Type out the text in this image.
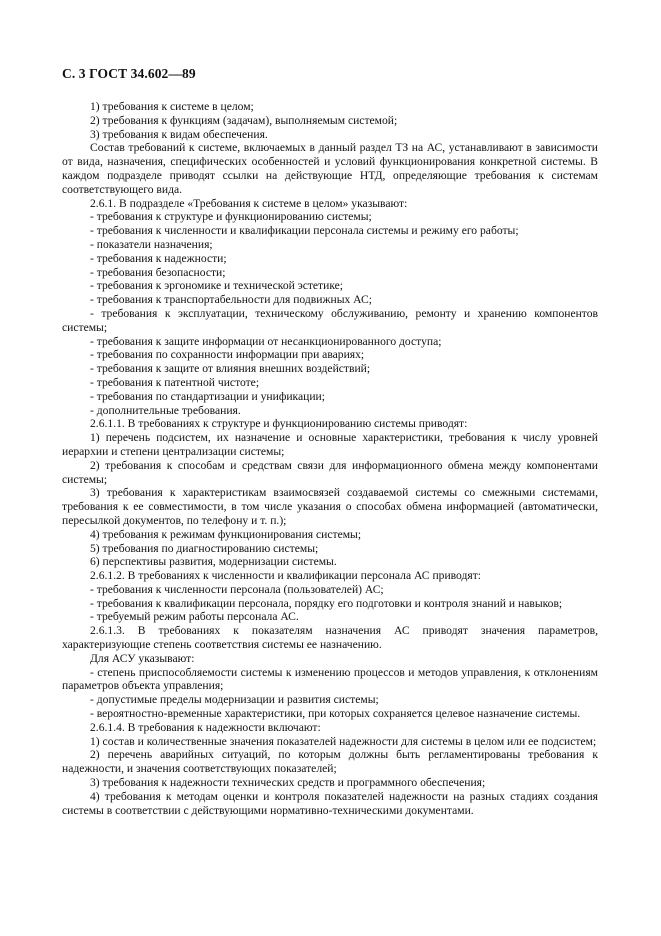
С. 3 ГОСТ 34.602—89

1) требования к системе в целом;

2) требования к функциям (задачам), выполняемым системой;

3) требования к видам обеспечения.

Состав требований к системе, включаемых в данный раздел ТЗ на АС, устанавливают в зависимости от вида, назначения, специфических особенностей и условий функционирования конкретной системы. В каждом подразделе приводят ссылки на действующие НТД, определяющие требования к системам соответствующего вида.

2.6.1. В подразделе «Требования к системе в целом» указывают:

- требования к структуре и функционированию системы;

- требования к численности и квалификации персонала системы и режиму его работы;

- показатели назначения;

- требования к надежности;

- требования безопасности;

- требования к эргономике и технической эстетике;

- требования к транспортабельности для подвижных АС;

- требования к эксплуатации, техническому обслуживанию, ремонту и хранению компонентов системы;

- требования к защите информации от несанкционированного доступа;

- требования по сохранности информации при авариях;

- требования к защите от влияния внешних воздействий;

- требования к патентной чистоте;

- требования по стандартизации и унификации;

- дополнительные требования.

2.6.1.1. В требованиях к структуре и функционированию системы приводят:

1) перечень подсистем, их назначение и основные характеристики, требования к числу уровней иерархии и степени централизации системы;

2) требования к способам и средствам связи для информационного обмена между компонентами системы;

3) требования к характеристикам взаимосвязей создаваемой системы со смежными системами, требования к ее совместимости, в том числе указания о способах обмена информацией (автоматически, пересылкой документов, по телефону и т. п.);

4) требования к режимам функционирования системы;

5) требования по диагностированию системы;

6) перспективы развития, модернизации системы.

2.6.1.2. В требованиях к численности и квалификации персонала АС приводят:

- требования к численности персонала (пользователей) АС;

- требования к квалификации персонала, порядку его подготовки и контроля знаний и навыков;

- требуемый режим работы персонала АС.

2.6.1.3. В требованиях к показателям назначения АС приводят значения параметров, характеризующие степень соответствия системы ее назначению.

Для АСУ указывают:

- степень приспособляемости системы к изменению процессов и методов управления, к отклонениям параметров объекта управления;

- допустимые пределы модернизации и развития системы;

- вероятностно-временные характеристики, при которых сохраняется целевое назначение системы.

2.6.1.4. В требования к надежности включают:

1) состав и количественные значения показателей надежности для системы в целом или ее подсистем;

2) перечень аварийных ситуаций, по которым должны быть регламентированы требования к надежности, и значения соответствующих показателей;

3) требования к надежности технических средств и программного обеспечения;

4) требования к методам оценки и контроля показателей надежности на разных стадиях создания системы в соответствии с действующими нормативно-техническими документами.
